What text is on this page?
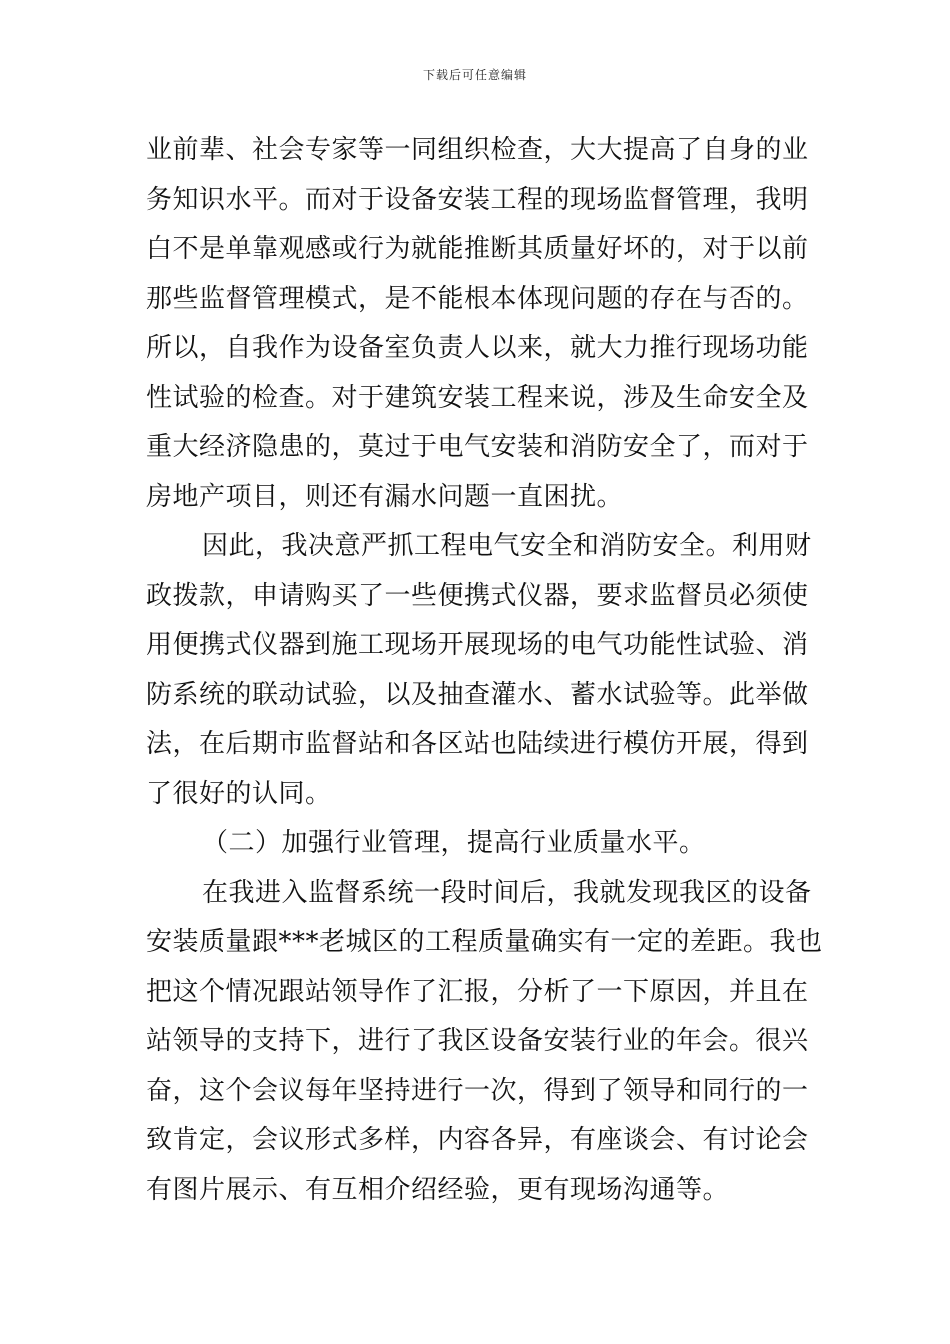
下载后可任意编辑
业前辈、社会专家等一同组织检查，大大提高了自身的业
务知识水平。而对于设备安装工程的现场监督管理，我明
白不是单靠观感或行为就能推断其质量好坏的，对于以前
那些监督管理模式，是不能根本体现问题的存在与否的。
所以，自我作为设备室负责人以来，就大力推行现场功能
性试验的检查。对于建筑安装工程来说，涉及生命安全及
重大经济隐患的，莫过于电气安装和消防安全了，而对于
房地产项目，则还有漏水问题一直困扰。
因此，我决意严抓工程电气安全和消防安全。利用财
政拨款，申请购买了一些便携式仪器，要求监督员必须使
用便携式仪器到施工现场开展现场的电气功能性试验、消
防系统的联动试验，以及抽查灌水、蓄水试验等。此举做
法，在后期市监督站和各区站也陆续进行模仿开展，得到
了很好的认同。
（二）加强行业管理，提高行业质量水平。
在我进入监督系统一段时间后，我就发现我区的设备
安装质量跟***老城区的工程质量确实有一定的差距。我也
把这个情况跟站领导作了汇报，分析了一下原因，并且在
站领导的支持下，进行了我区设备安装行业的年会。很兴
奋，这个会议每年坚持进行一次，得到了领导和同行的一
致肯定，会议形式多样，内容各异，有座谈会、有讨论会
有图片展示、有互相介绍经验，更有现场沟通等。
